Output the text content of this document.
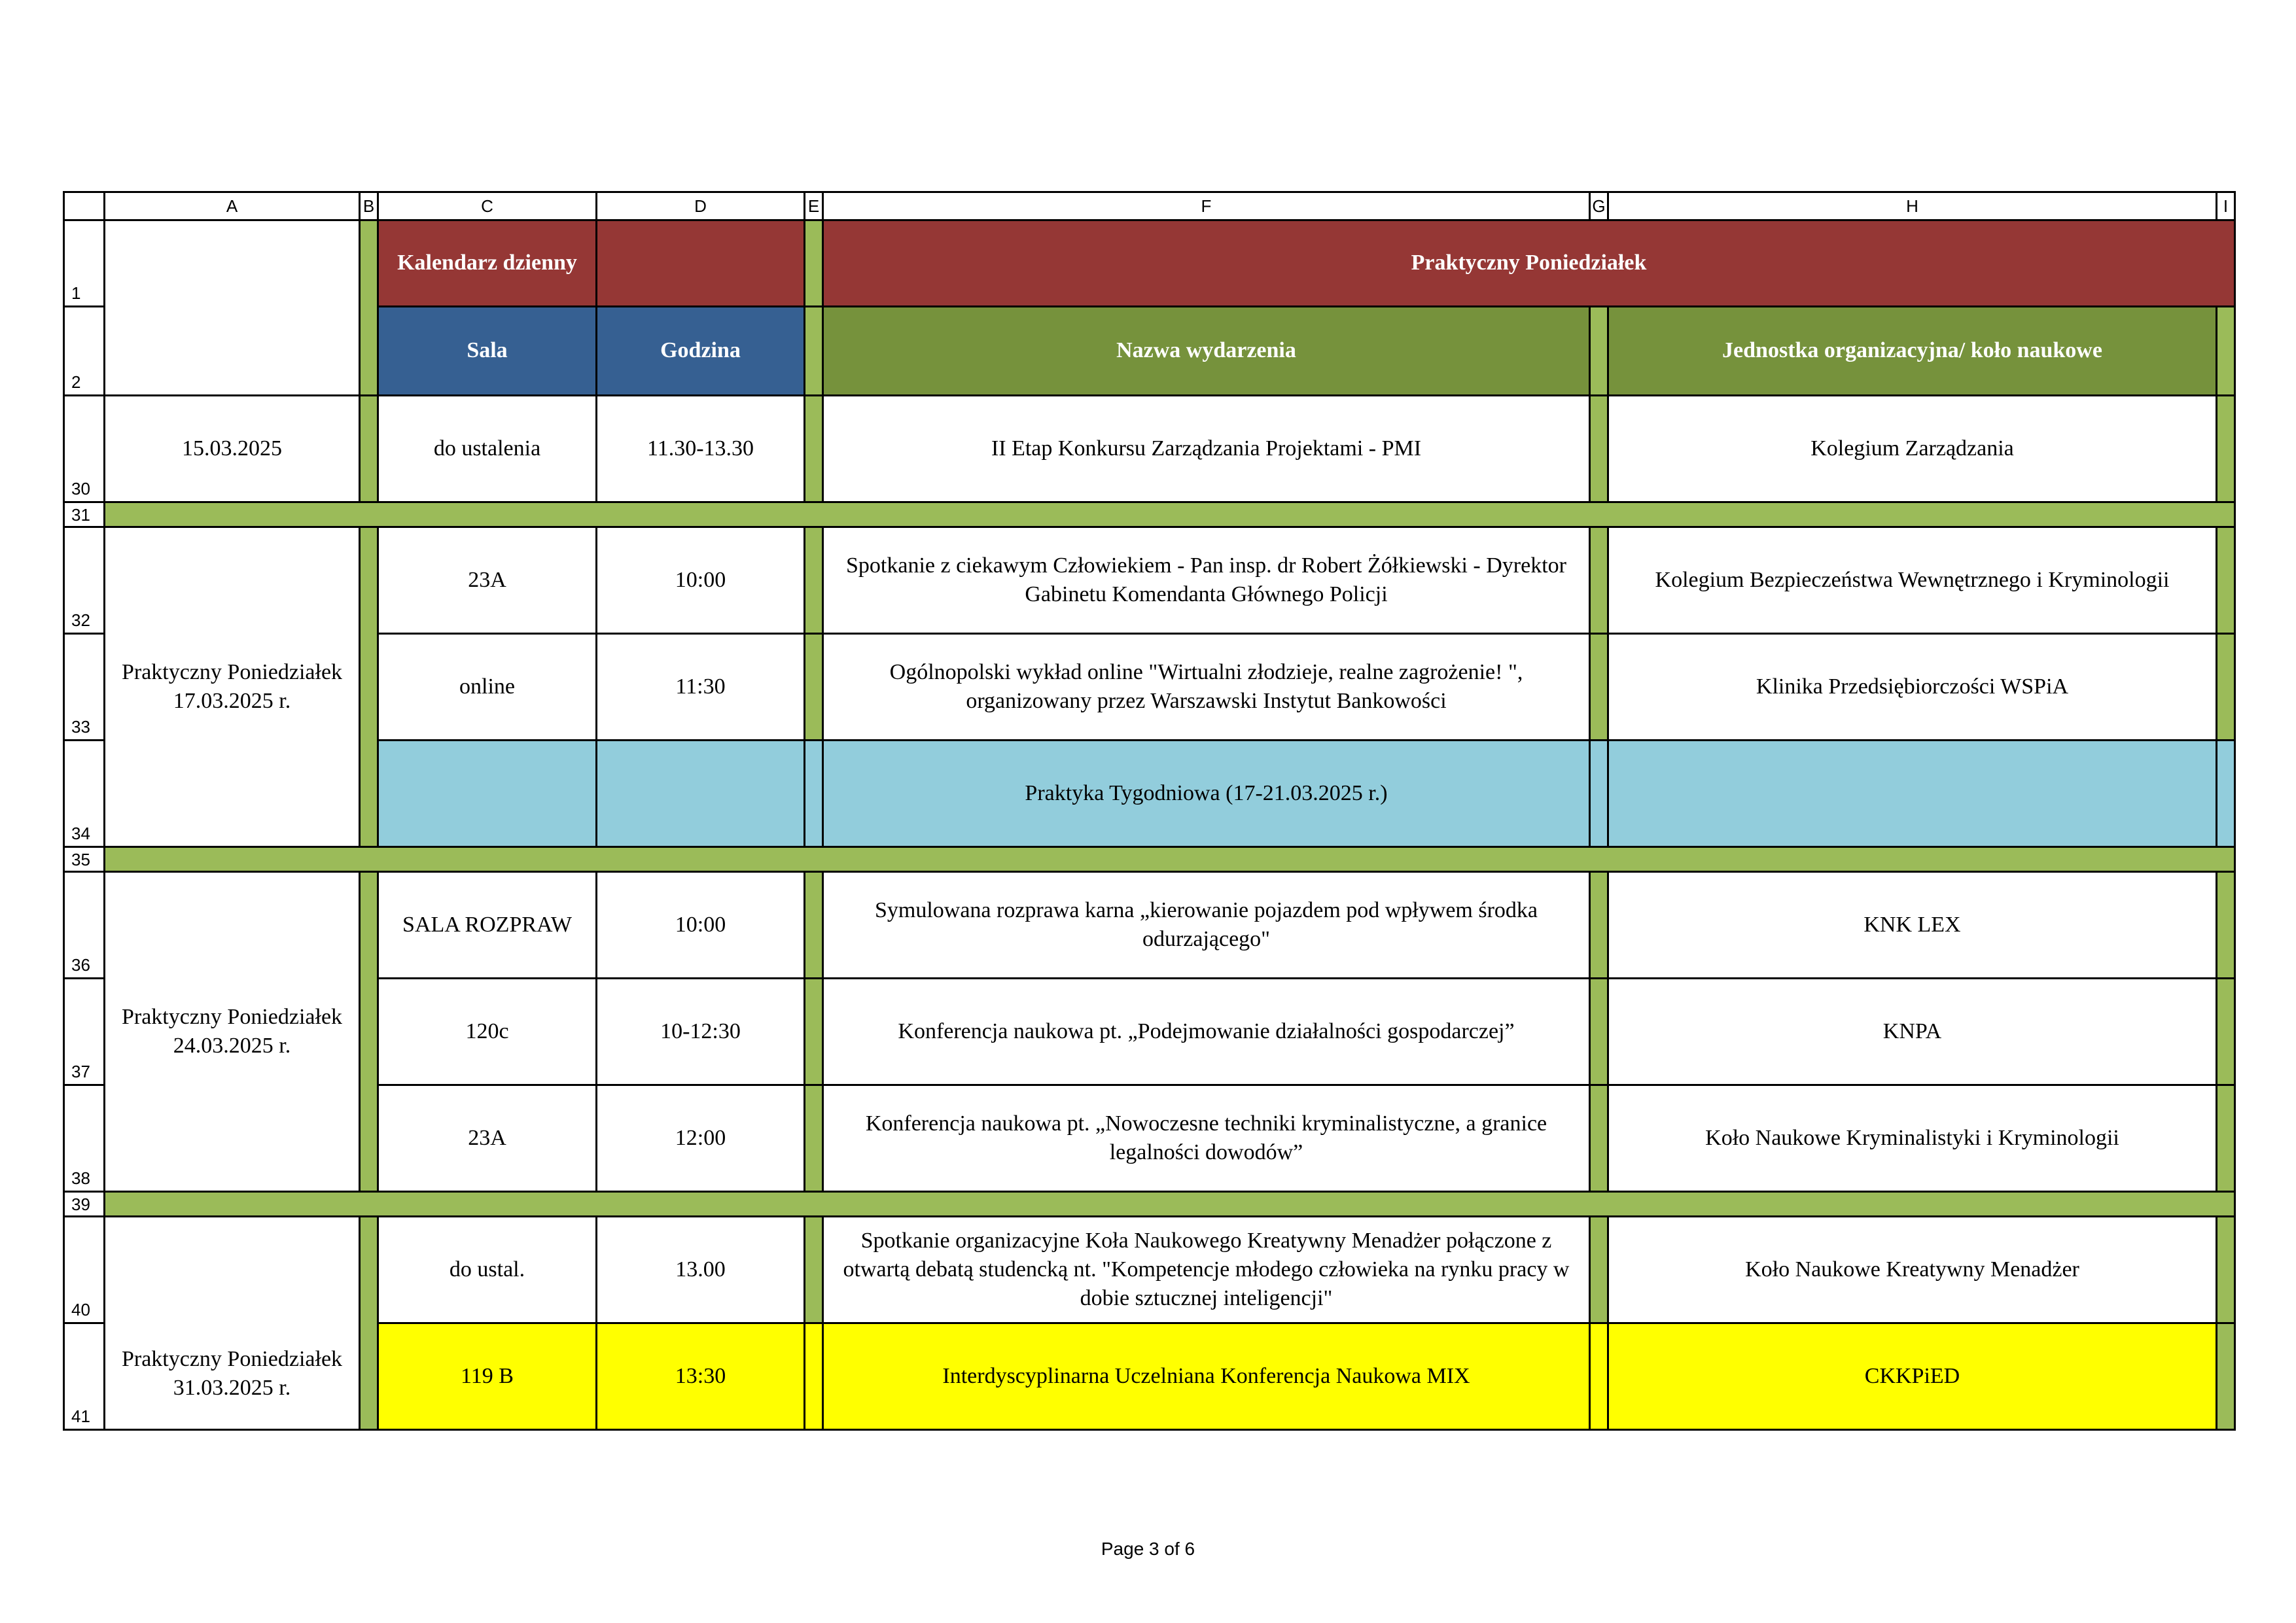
	A	B	C	D	E	F	G	H	I
1			Kalendarz dzienny			Praktyczny Poniedziałek			
2			Sala	Godzina		Nazwa wydarzenia		Jednostka organizacyjna/ koło naukowe	
30	15.03.2025		do ustalenia	11.30-13.30		II Etap Konkursu Zarządzania Projektami - PMI		Kolegium Zarządzania	
31									
32	Praktyczny Poniedziałek 17.03.2025 r.		23A	10:00		Spotkanie z ciekawym Człowiekiem - Pan insp. dr Robert Żółkiewski - Dyrektor Gabinetu Komendanta Głównego Policji		Kolegium Bezpieczeństwa Wewnętrznego i Kryminologii	
33			online	11:30		Ogólnopolski wykład online "Wirtualni złodzieje, realne zagrożenie! ", organizowany przez Warszawski Instytut Bankowości		Klinika Przedsiębiorczości WSPiA	
34						Praktyka Tygodniowa (17-21.03.2025 r.)			
35									
36	Praktyczny Poniedziałek 24.03.2025 r.		SALA ROZPRAW	10:00		Symulowana rozprawa karna „kierowanie pojazdem pod wpływem środka odurzającego"		KNK LEX	
37			120c	10-12:30		Konferencja naukowa pt. „Podejmowanie działalności gospodarczej”		KNPA	
38			23A	12:00		Konferencja naukowa pt. „Nowoczesne techniki kryminalistyczne, a granice legalności dowodów”		Koło Naukowe Kryminalistyki i Kryminologii	
39									
40	Praktyczny Poniedziałek 31.03.2025 r.		do ustal.	13.00		Spotkanie organizacyjne Koła Naukowego Kreatywny Menadżer połączone z otwartą debatą studencką nt. "Kompetencje młodego człowieka na rynku pracy w dobie sztucznej inteligencji"		Koło Naukowe Kreatywny Menadżer	
41			119 B	13:30		Interdyscyplinarna Uczelniana Konferencja Naukowa MIX		CKKPiED	
Page 3 of 6
